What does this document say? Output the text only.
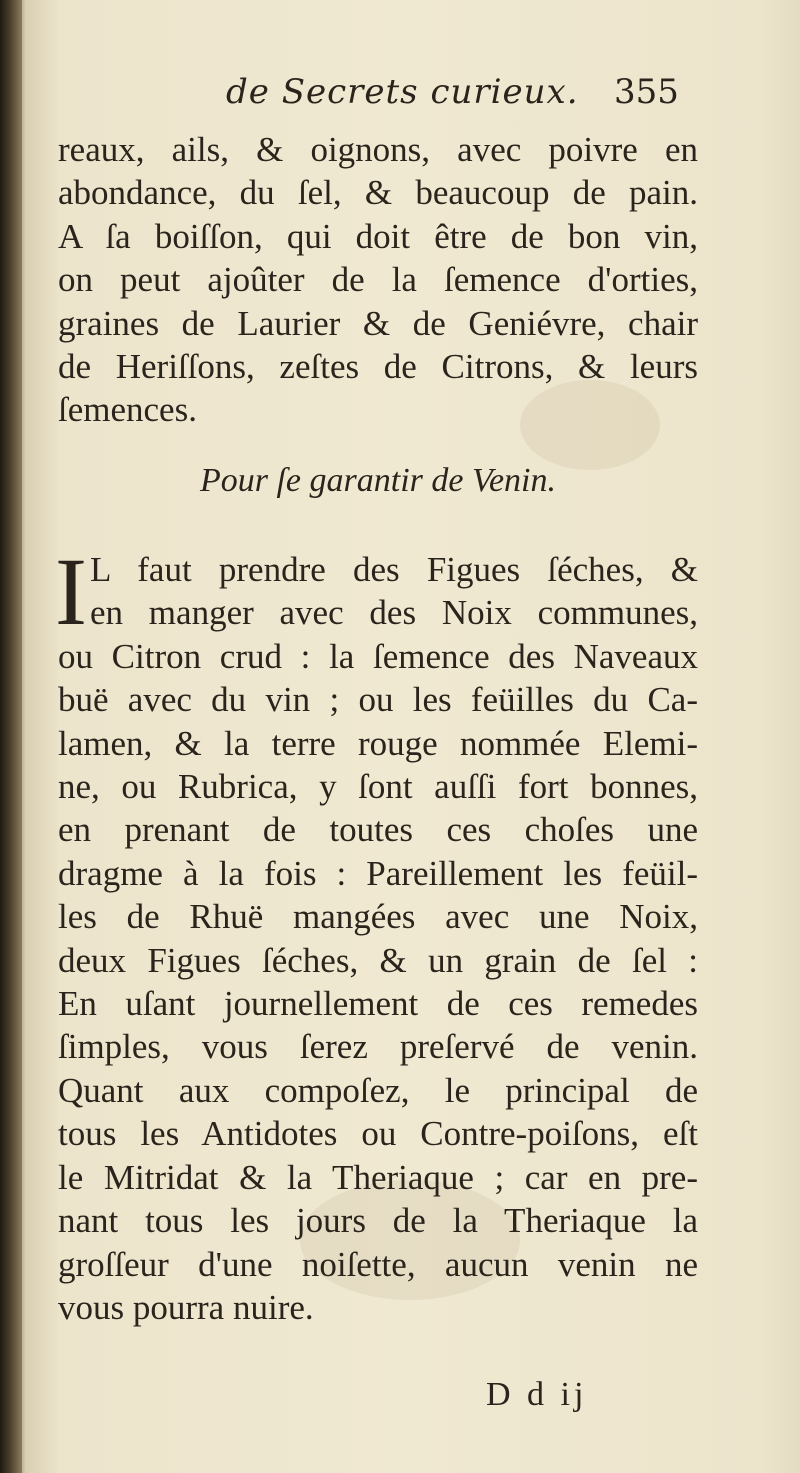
de Secrets curieux. 355
reaux, aіls, & oignons, avec poivre en
abondance, du ſel, & beaucoup de pain.
A ſa boiſſon, qui doit être de bon vin,
on peut ajoûter de la ſemence d'orties,
graines de Laurier & de Geniévre, chair
de Heriſſons, zeſtes de Citrons, & leurs
ſemences.
Pour ſe garantir de Venin.
I L faut prendre des Figues ſéches, &
en manger avec des Noix communes,
ou Citron crud : la ſemence des Naveaux
buë avec du vin ; ou les feüilles du Ca-
lamen, & la terre rouge nommée Elemi-
ne, ou Rubrica, y ſont auſſi fort bonnes,
en prenant de toutes ces choſes une
dragme à la fois : Pareillement les feüil-
les de Rhuë mangées avec une Noix,
deux Figues ſéches, & un grain de ſel :
En uſant journellement de ces remedes
ſimples, vous ſerez preſervé de venin.
Quant aux compoſez, le principal de
tous les Antidotes ou Contre-poiſons, eſt
le Mitridat & la Theriaque ; car en pre-
nant tous les jours de la Theriaque la
groſſeur d'une noiſette, aucun venin ne
vous pourra nuire.
D d ij
